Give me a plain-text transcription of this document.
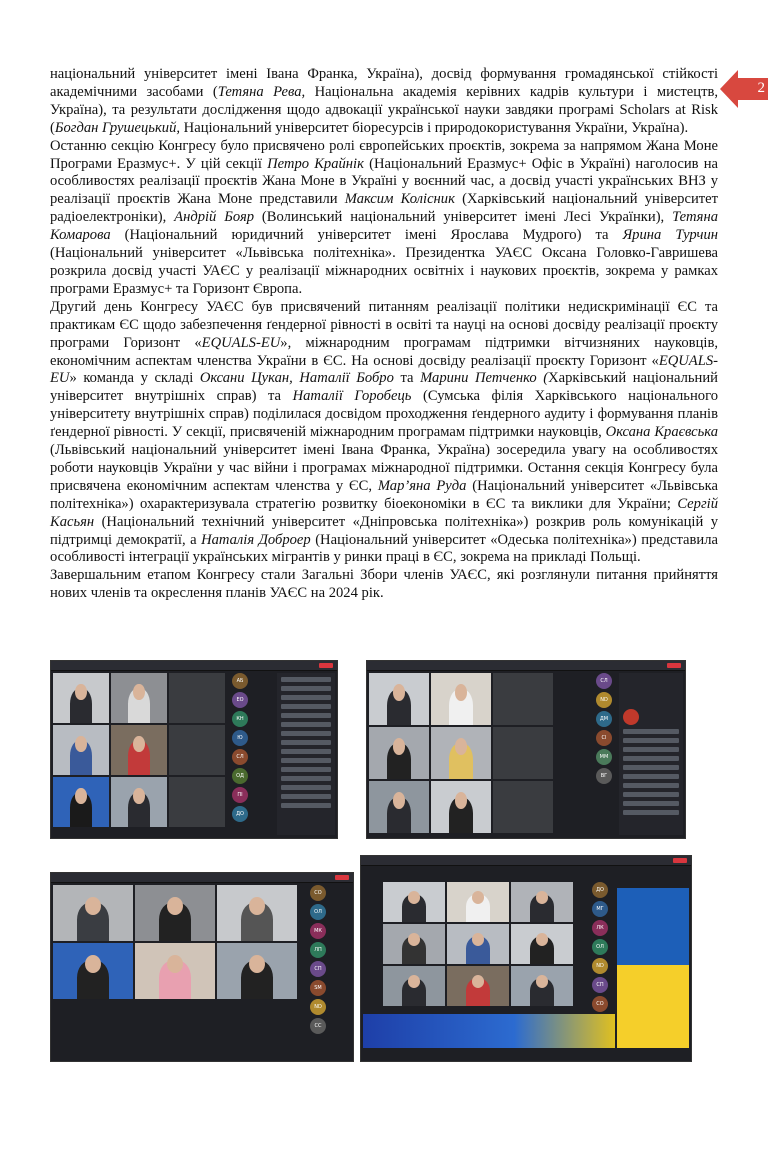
2

національний університет імені Івана Франка, Україна), досвід формування громадянської стійкості академічними засобами (Тетяна Рева, Національна академія керівних кадрів культури і мистецтв, Україна), та результати дослідження щодо адвокації української науки завдяки програмі Scholars at Risk (Богдан Грушецький, Національний університет біоресурсів і природокористування України, Україна).

Останню секцію Конгресу було присвячено ролі європейських проєктів, зокрема за напрямом Жана Моне Програми Еразмус+. У цій секції Петро Крайнік (Національний Еразмус+ Офіс в Україні) наголосив на особливостях реалізації проєктів Жана Моне в Україні у воєнний час, а досвід участі українських ВНЗ у реалізації проєктів Жана Моне представили Максим Колісник (Харківський національний університет радіоелектроніки), Андрій Бояр (Волинський національний університет імені Лесі Українки), Тетяна Комарова (Національний юридичний університет імені Ярослава Мудрого) та Ярина Турчин (Національний університет «Львівська політехніка». Президентка УАЄС Оксана Головко-Гавришева розкрила досвід участі УАЄС у реалізації міжнародних освітніх і наукових проєктів, зокрема у рамках програми Еразмус+ та Горизонт Європа.

Другий день Конгресу УАЄС був присвячений питанням реалізації політики недискримінації ЄС та практикам ЄС щодо забезпечення ґендерної рівності в освіті та науці на основі досвіду реалізації проєкту програми Горизонт «EQUALS-EU», міжнародним програмам підтримки вітчизняних науковців, економічним аспектам членства України в ЄС. На основі досвіду реалізації проєкту Горизонт «EQUALS-EU» команда у складі Оксани Цукан, Наталії Бобро та Марини Петченко (Харківський національний університет внутрішніх справ) та Наталії Горобець (Сумська філія Харківського національного університету внутрішніх справ) поділилася досвідом проходження ґендерного аудиту і формування планів ґендерної рівності. У секції, присвяченій міжнародним програмам підтримки науковців, Оксана Краєвська (Львівський національний університет імені Івана Франка, Україна) зосередила увагу на особливостях роботи науковців України у час війни і програмах міжнародної підтримки. Остання секція Конгресу була присвячена економічним аспектам членства у ЄС, Мар’яна Руда (Національний університет «Львівська політехніка») охарактеризувала стратегію розвитку біоекономіки в ЄС та виклики для України; Сергій Касьян (Національний технічний університет «Дніпровська політехніка») розкрив роль комунікацій у підтримці демократії, а Наталія Доброер (Національний університет «Одеська політехніка») представила особливості інтеграції українських мігрантів у ринки праці в ЄС, зокрема на прикладі Польщі.

Завершальним етапом Конгресу стали Загальні Збори членів УАЄС, які розглянули питання прийняття нових членів та окреслення планів УАЄС на 2024 рік.

АБ
ЕО
КН
Ю
СЛ
ОД
ПІ
ДО
СЛ
ND
ДМ
СІ
ММ
ВГ
СО
ОЛ
МК
ЛП
СП
SM
ND
СС
ДО
МГ
ЛК
ОЛ
ND
СП
СО
